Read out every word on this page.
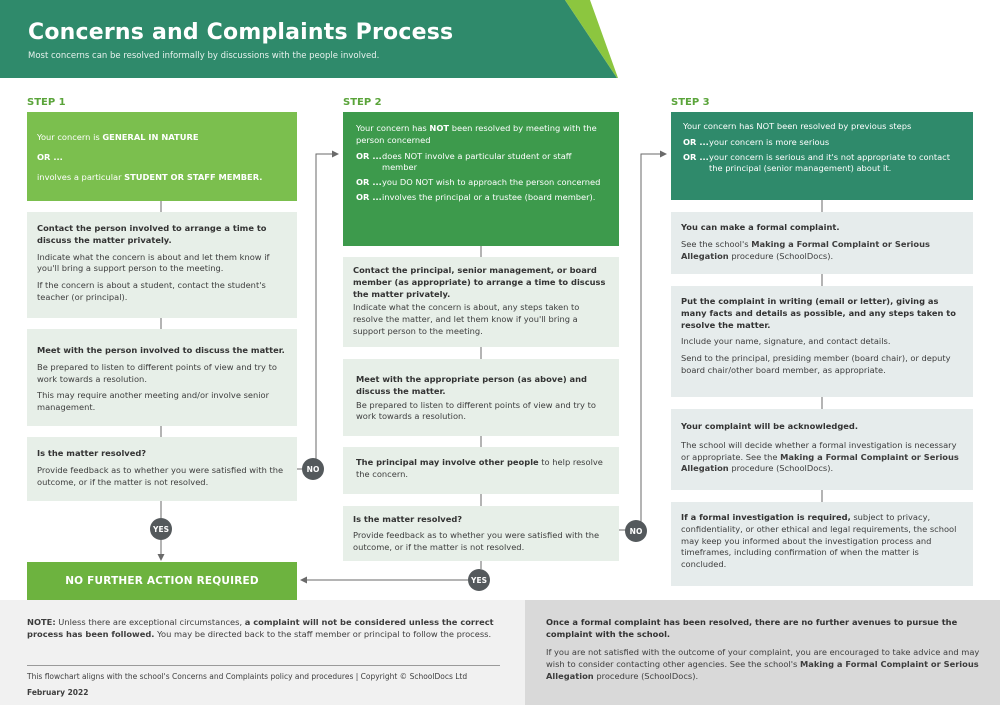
Concerns and Complaints Process
Most concerns can be resolved informally by discussions with the people involved.
STEP 1

Your concern is GENERAL IN NATURE

OR ...

involves a particular STUDENT OR STAFF MEMBER.

Contact the person involved to arrange a time to discuss the matter privately.

Indicate what the concern is about and let them know if you'll bring a support person to the meeting.

If the concern is about a student, contact the student's teacher (or principal).

Meet with the person involved to discuss the matter.

Be prepared to listen to different points of view and try to work towards a resolution.

This may require another meeting and/or involve senior management.

Is the matter resolved?

Provide feedback as to whether you were satisfied with the outcome, or if the matter is not resolved.

YES
NO
NO FURTHER ACTION REQUIRED
STEP 2

Your concern has NOT been resolved by meeting with the person concerned

OR ... does NOT involve a particular student or staff member
OR ... you DO NOT wish to approach the person concerned
OR ... involves the principal or a trustee (board member).

Contact the principal, senior management, or board member (as appropriate) to arrange a time to discuss the matter privately.

Indicate what the concern is about, any steps taken to resolve the matter, and let them know if you'll bring a support person to the meeting.

Meet with the appropriate person (as above) and discuss the matter.

Be prepared to listen to different points of view and try to work towards a resolution.

The principal may involve other people to help resolve the concern.

Is the matter resolved?

Provide feedback as to whether you were satisfied with the outcome, or if the matter is not resolved.

YES
NO
STEP 3

Your concern has NOT been resolved by previous steps

OR ... your concern is more serious
OR ... your concern is serious and it's not appropriate to contact the principal (senior management) about it.

You can make a formal complaint.

See the school's Making a Formal Complaint or Serious Allegation procedure (SchoolDocs).

Put the complaint in writing (email or letter), giving as many facts and details as possible, and any steps taken to resolve the matter.

Include your name, signature, and contact details.

Send to the principal, presiding member (board chair), or deputy board chair/other board member, as appropriate.

Your complaint will be acknowledged.

The school will decide whether a formal investigation is necessary or appropriate. See the Making a Formal Complaint or Serious Allegation procedure (SchoolDocs).

If a formal investigation is required, subject to privacy, confidentiality, or other ethical and legal requirements, the school may keep you informed about the investigation process and timeframes, including confirmation of when the matter is concluded.

NOTE: Unless there are exceptional circumstances, a complaint will not be considered unless the correct process has been followed. You may be directed back to the staff member or principal to follow the process.
This flowchart aligns with the school's Concerns and Complaints policy and procedures | Copyright © SchoolDocs Ltd
February 2022
Once a formal complaint has been resolved, there are no further avenues to pursue the complaint with the school.
If you are not satisfied with the outcome of your complaint, you are encouraged to take advice and may wish to consider contacting other agencies. See the school's Making a Formal Complaint or Serious Allegation procedure (SchoolDocs).
